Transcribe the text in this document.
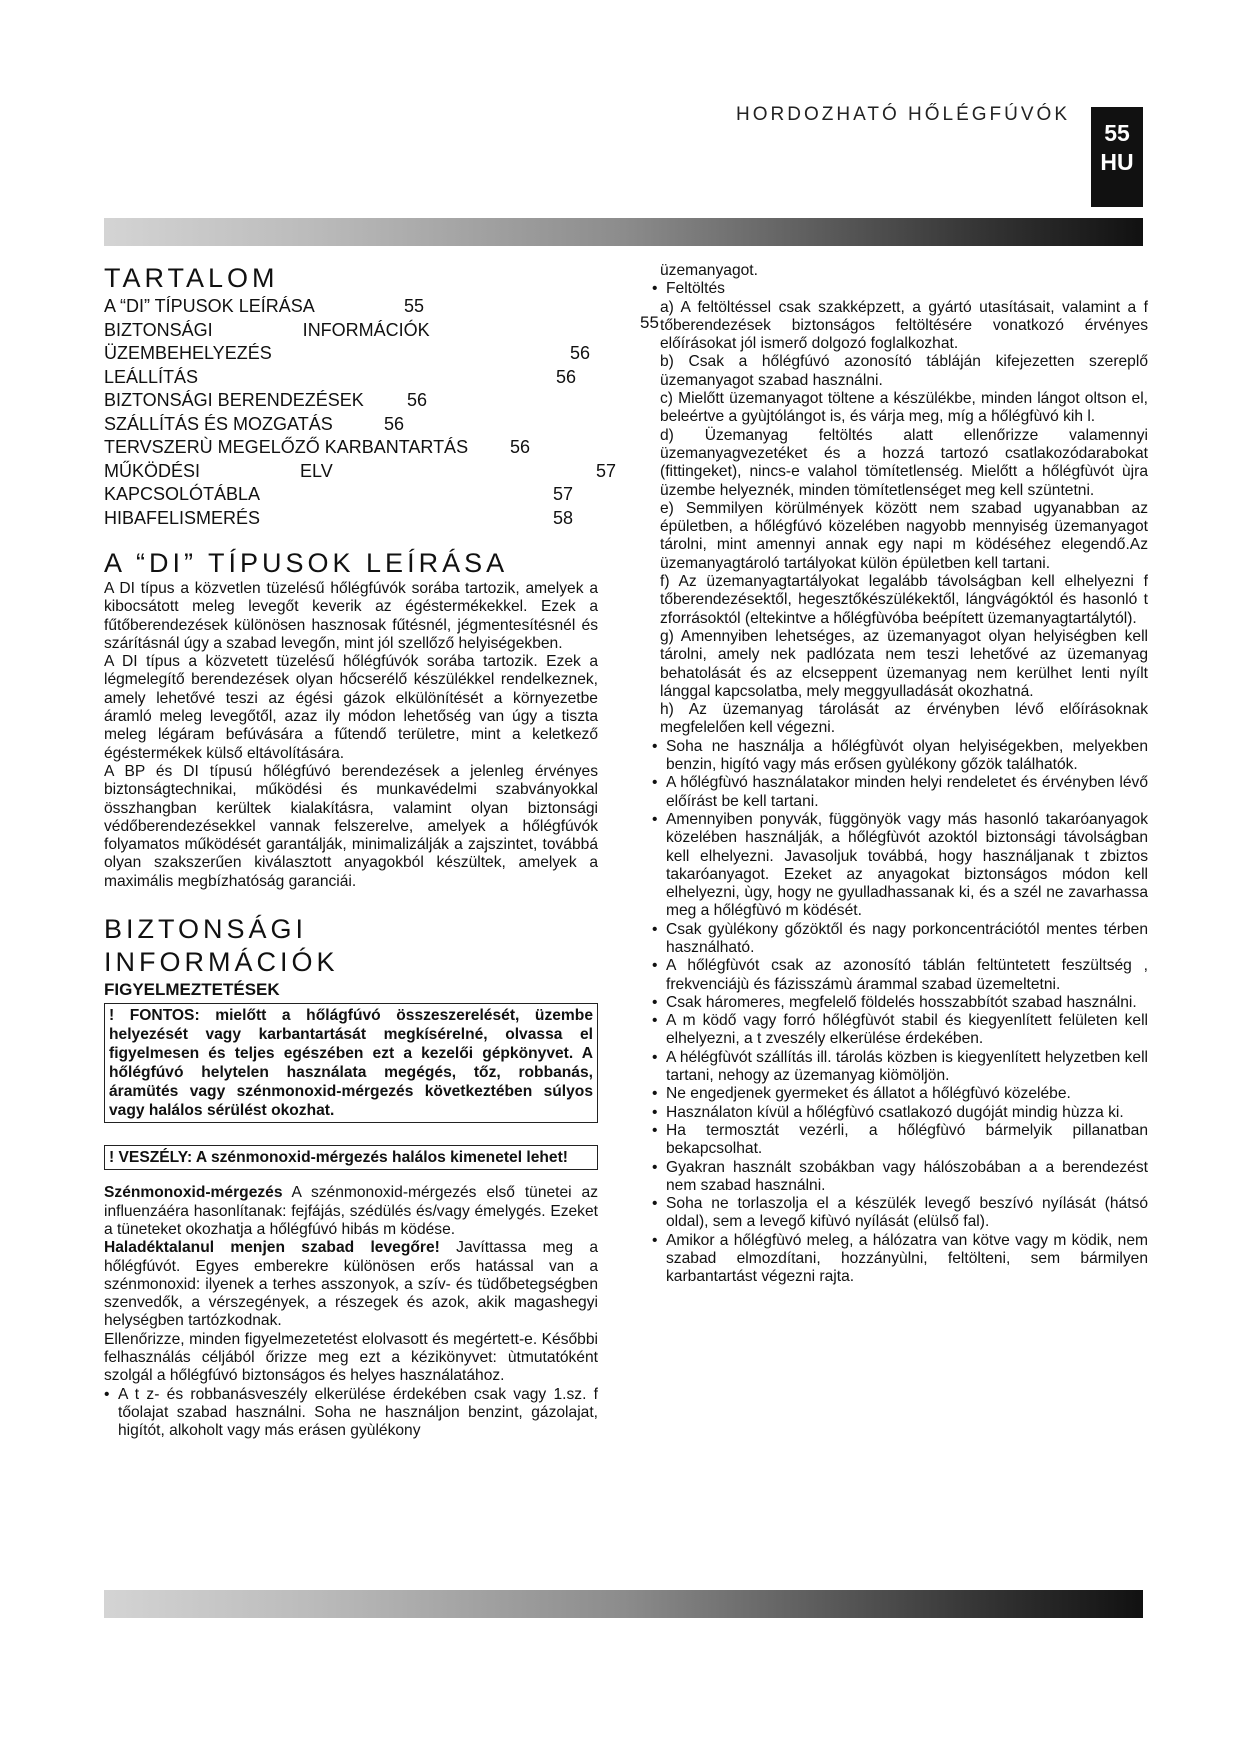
HORDOZHATÓ HŐLÉGFÚVÓK
55
HU
TARTALOM
A “DI” TÍPUSOK LEÍRÁSA	55
BIZTONSÁGI INFORMÁCIÓK
ÜZEMBEHELYEZÉS	56
LEÁLLÍTÁS	56
BIZTONSÁGI BERENDEZÉSEK 56
SZÁLLÍTÁS ÉS MOZGATÁS	56
TERVSZERÙ MEGELŐZŐ KARBANTARTÁS 56
MŰKÖDÉSI ELV	57
KAPCSOLÓTÁBLA	57
HIBAFELISMERÉS	58
A “DI” TÍPUSOK LEÍRÁSA

A DI típus a közvetlen tüzelésű hőlégfúvók sorába tartozik, amelyek a kibocsátott meleg levegőt keverik az égéstermékekkel. Ezek a fűtőberendezések különösen hasznosak fűtésnél, jégmentesítésnél és szárításnál úgy a szabad levegőn, mint jól szellőző helyiségekben.

A DI típus a közvetett tüzelésű hőlégfúvók sorába tartozik. Ezek a légmelegítő berendezések olyan hőcserélő készülékkel rendelkeznek, amely lehetővé teszi az égési gázok elkülönítését a környezetbe áramló meleg levegőtől, azaz ily módon lehetőség van úgy a tiszta meleg légáram befúvására a fűtendő területre, mint a keletkező égéstermékek külső eltávolítására.

A BP és DI típusú hőlégfúvó berendezések a jelenleg érvényes biztonságtechnikai, működési és munkavédelmi szabványokkal összhangban kerültek kialakításra, valamint olyan biztonsági védőberendezésekkel vannak felszerelve, amelyek a hőlégfúvók folyamatos működését garantálják, minimalizálják a zajszintet, továbbá olyan szakszerűen kiválasztott anyagokból készültek, amelyek a maximális megbízhatóság garanciái.

BIZTONSÁGI
INFORMÁCIÓK
FIGYELMEZTETÉSEK
! FONTOS: mielőtt a hőlágfúvó összeszerelését, üzembe helyezését vagy karbantartását megkísérelné, olvassa el figyelmesen és teljes egészében ezt a kezelői gépkönyvet. A hőlégfúvó helytelen használata megégés, tőz, robbanás, áramütés vagy szénmonoxid-mérgezés következtében súlyos vagy halálos sérülést okozhat.
! VESZÉLY: A szénmonoxid-mérgezés halálos kimenetel lehet!

Szénmonoxid-mérgezés A szénmonoxid-mérgezés első tünetei az influenzáéra hasonlítanak: fejfájás, szédülés és/vagy émelygés. Ezeket a tüneteket okozhatja a hőlégfúvó hibás m ködése.

Haladéktalanul menjen szabad levegőre! Javíttassa meg a hőlégfúvót. Egyes emberekre különösen erős hatással van a szénmonoxid: ilyenek a terhes asszonyok, a szív- és tüdőbetegségben szenvedők, a vérszegények, a részegek és azok, akik magashegyi helységben tartózkodnak.

Ellenőrizze, minden figyelmezetetést elolvasott és megértett-e. Későbbi felhasználás céljából őrizze meg ezt a kézikönyvet: ùtmutatóként szolgál a hőlégfúvó biztonságos és helyes használatához.

• A t z- és robbanásveszély elkerülése érdekében csak vagy 1.sz. f tőolajat szabad használni. Soha ne használjon benzint, gázolajat, higítót, alkoholt vagy más erásen gyùlékony

üzemanyagot.

• Feltöltés
55

a) A feltöltéssel csak szakképzett, a gyártó utasításait, valamint a f tőberendezések biztonságos feltöltésére vonatkozó érvényes előírásokat jól ismerő dolgozó foglalkozhat.

b) Csak a hőlégfúvó azonosító tábláján kifejezetten szereplő üzemanyagot szabad használni.

c) Mielőtt üzemanyagot töltene a készülékbe, minden lángot oltson el, beleértve a gyùjtólángot is, és várja meg, míg a hőlégfùvó kih l.

d) Üzemanyag feltöltés alatt ellenőrizze valamennyi üzemanyagvezetéket és a hozzá tartozó csatlakozódarabokat (fittingeket), nincs-e valahol tömítetlenség. Mielőtt a hőlégfùvót ùjra üzembe helyeznék, minden tömítetlenséget meg kell szüntetni.

e) Semmilyen körülmények között nem szabad ugyanabban az épületben, a hőlégfúvó közelében nagyobb mennyiség üzemanyagot tárolni, mint amennyi annak egy napi m ködéséhez elegendő.Az üzemanyagtároló tartályokat külön épületben kell tartani.

f) Az üzemanyagtartályokat legalább távolságban kell elhelyezni f tőberendezésektől, hegesztőkészülékektől, lángvágóktól és hasonló t zforrásoktól (eltekintve a hőlégfùvóba beépített üzemanyagtartálytól).

g) Amennyiben lehetséges, az üzemanyagot olyan helyiségben kell tárolni, amely nek padlózata nem teszi lehetővé az üzemanyag behatolását és az elcseppent üzemanyag nem kerülhet lenti nyílt lánggal kapcsolatba, mely meggyulladását okozhatná.

h) Az üzemanyag tárolását az érvényben lévő előírásoknak megfelelően kell végezni.

• Soha ne használja a hőlégfùvót olyan helyiségekben, melyekben benzin, higító vagy más erősen gyùlékony gőzök találhatók.
• A hőlégfùvó használatakor minden helyi rendeletet és érvényben lévő előírást be kell tartani.
• Amennyiben ponyvák, függönyök vagy más hasonló takaróanyagok közelében használják, a hőlégfùvót azoktól biztonsági távolságban kell elhelyezni. Javasoljuk továbbá, hogy használjanak t zbiztos takaróanyagot. Ezeket az anyagokat biztonságos módon kell elhelyezni, ùgy, hogy ne gyulladhassanak ki, és a szél ne zavarhassa meg a hőlégfùvó m ködését.
• Csak gyùlékony gőzöktől és nagy porkoncentrációtól mentes térben használható.
• A hőlégfùvót csak az azonosító táblán feltüntetett feszültség , frekvenciájù és fázisszámù árammal szabad üzemeltetni.
• Csak háromeres, megfelelő földelés hosszabbítót szabad használni.
• A m ködő vagy forró hőlégfùvót stabil és kiegyenlített felületen kell elhelyezni, a t zveszély elkerülése érdekében.
• A hélégfùvót szállítás ill. tárolás közben is kiegyenlített helyzetben kell tartani, nehogy az üzemanyag kiömöljön.
• Ne engedjenek gyermeket és állatot a hőlégfùvó közelébe.
• Használaton kívül a hőlégfùvó csatlakozó dugóját mindig hùzza ki.
• Ha termosztát vezérli, a hőlégfùvó bármelyik pillanatban bekapcsolhat.
• Gyakran használt szobákban vagy hálószobában a a berendezést nem szabad használni.
• Soha ne torlaszolja el a készülék levegő beszívó nyílását (hátsó oldal), sem a levegő kifùvó nyílását (elülső fal).
• Amikor a hőlégfùvó meleg, a hálózatra van kötve vagy m ködik, nem szabad elmozdítani, hozzányùlni, feltölteni, sem bármilyen karbantartást végezni rajta.
